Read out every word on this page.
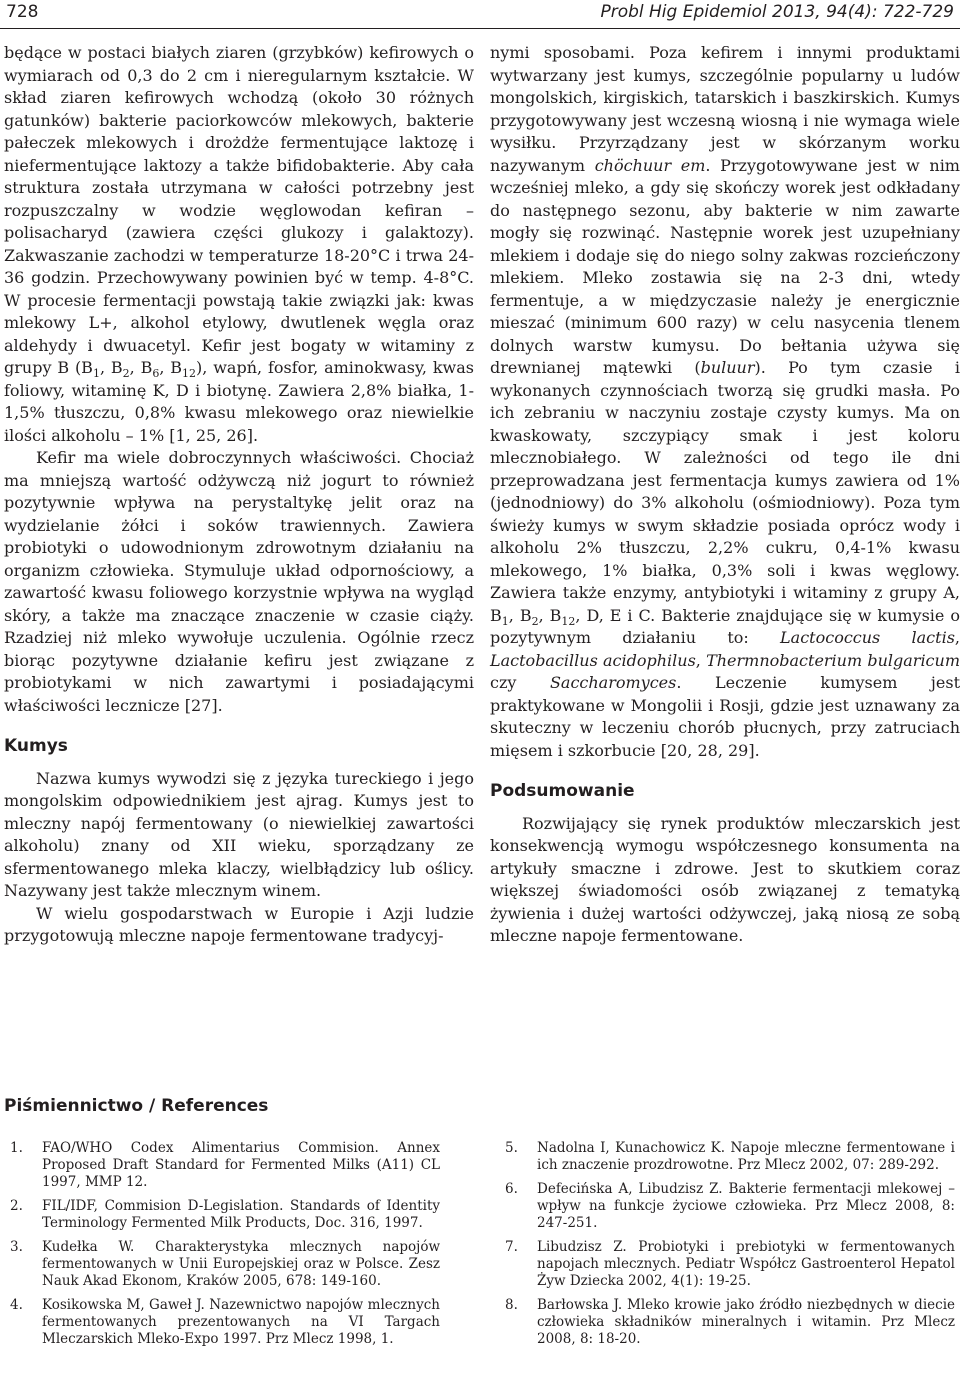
728	Probl Hig Epidemiol 2013, 94(4): 722-729

będące w postaci białych ziaren (grzybków) kefirowych o wymiarach od 0,3 do 2 cm i nieregularnym kształcie. W skład ziaren kefirowych wchodzą (około 30 różnych gatunków) bakterie paciorkowców mlekowych, bakterie pałeczek mlekowych i drożdże fermentujące laktozę i niefermentujące laktozy a także bifidobakterie. Aby cała struktura została utrzymana w całości potrzebny jest rozpuszczalny w wodzie węglowodan kefiran – polisacharyd (zawiera części glukozy i galaktozy). Zakwaszanie zachodzi w temperaturze 18-20°C i trwa 24-36 godzin. Przechowywany powinien być w temp. 4-8°C. W procesie fermentacji powstają takie związki jak: kwas mlekowy L+, alkohol etylowy, dwutlenek węgla oraz aldehydy i dwuacetyl. Kefir jest bogaty w witaminy z grupy B ($B_1$, $B_2$, $B_6$, $B_{12}$), wapń, fosfor, aminokwasy, kwas foliowy, witaminę K, D i biotynę. Zawiera 2,8% białka, 1-1,5% tłuszczu, 0,8% kwasu mlekowego oraz niewielkie ilości alkoholu – 1% [1, 25, 26].

Kefir ma wiele dobroczynnych właściwości. Chociaż ma mniejszą wartość odżywczą niż jogurt to również pozytywnie wpływa na perystaltykę jelit oraz na wydzielanie żółci i soków trawiennych. Zawiera probiotyki o udowodnionym zdrowotnym działaniu na organizm człowieka. Stymuluje układ odpornościowy, a zawartość kwasu foliowego korzystnie wpływa na wygląd skóry, a także ma znaczące znaczenie w czasie ciąży. Rzadziej niż mleko wywołuje uczulenia. Ogólnie rzecz biorąc pozytywne działanie kefiru jest związane z probiotykami w nich zawartymi i posiadającymi właściwości lecznicze [27].

Kumys

Nazwa kumys wywodzi się z języka tureckiego i jego mongolskim odpowiednikiem jest ajrag. Kumys jest to mleczny napój fermentowany (o niewielkiej zawartości alkoholu) znany od XII wieku, sporządzany ze sfermentowanego mleka klaczy, wielbłądzicy lub oślicy. Nazywany jest także mlecznym winem.

W wielu gospodarstwach w Europie i Azji ludzie przygotowują mleczne napoje fermentowane tradycyj-

nymi sposobami. Poza kefirem i innymi produktami wytwarzany jest kumys, szczególnie popularny u ludów mongolskich, kirgiskich, tatarskich i baszkirskich. Kumys przygotowywany jest wczesną wiosną i nie wymaga wiele wysiłku. Przyrządzany jest w skórzanym worku nazywanym chöchuur em. Przygotowywane jest w nim wcześniej mleko, a gdy się skończy worek jest odkładany do następnego sezonu, aby bakterie w nim zawarte mogły się rozwinąć. Następnie worek jest uzupełniany mlekiem i dodaje się do niego solny zakwas rozcieńczony mlekiem. Mleko zostawia się na 2-3 dni, wtedy fermentuje, a w międzyczasie należy je energicznie mieszać (minimum 600 razy) w celu nasycenia tlenem dolnych warstw kumysu. Do bełtania używa się drewnianej mątewki (buluur). Po tym czasie i wykonanych czynnościach tworzą się grudki masła. Po ich zebraniu w naczyniu zostaje czysty kumys. Ma on kwaskowaty, szczypiący smak i jest koloru mlecznobiałego. W zależności od tego ile dni przeprowadzana jest fermentacja kumys zawiera od 1% (jednodniowy) do 3% alkoholu (ośmiodniowy). Poza tym świeży kumys w swym składzie posiada oprócz wody i alkoholu 2% tłuszczu, 2,2% cukru, 0,4-1% kwasu mlekowego, 1% białka, 0,3% soli i kwas węglowy. Zawiera także enzymy, antybiotyki i witaminy z grupy A, $B_1$, $B_2$, $B_{12}$, D, E i C. Bakterie znajdujące się w kumysie o pozytywnym działaniu to: Lactococcus lactis, Lactobacillus acidophilus, Thermnobacterium bulgaricum czy Saccharomyces. Leczenie kumysem jest praktykowane w Mongolii i Rosji, gdzie jest uznawany za skuteczny w leczeniu chorób płucnych, przy zatruciach mięsem i szkorbucie [20, 28, 29].

Podsumowanie

Rozwijający się rynek produktów mleczarskich jest konsekwencją wymogu współczesnego konsumenta na artykuły smaczne i zdrowe. Jest to skutkiem coraz większej świadomości osób związanej z tematyką żywienia i dużej wartości odżywczej, jaką niosą ze sobą mleczne napoje fermentowane.

Piśmiennictwo / References
1. FAO/WHO Codex Alimentarius Commision. Annex Proposed Draft Standard for Fermented Milks (A11) CL 1997, MMP 12.
2. FIL/IDF, Commision D-Legislation. Standards of Identity Terminology Fermented Milk Products, Doc. 316, 1997.
3. Kudełka W. Charakterystyka mlecznych napojów fermentowanych w Unii Europejskiej oraz w Polsce. Zesz Nauk Akad Ekonom, Kraków 2005, 678: 149-160.
4. Kosikowska M, Gaweł J. Nazewnictwo napojów mlecznych fermentowanych prezentowanych na VI Targach Mleczarskich Mleko-Expo 1997. Prz Mlecz 1998, 1.
5. Nadolna I, Kunachowicz K. Napoje mleczne fermentowane i ich znaczenie prozdrowotne. Prz Mlecz 2002, 07: 289-292.
6. Defecińska A, Libudzisz Z. Bakterie fermentacji mlekowej – wpływ na funkcje życiowe człowieka. Prz Mlecz 2008, 8: 247-251.
7. Libudzisz Z. Probiotyki i prebiotyki w fermentowanych napojach mlecznych. Pediatr Współcz Gastroenterol Hepatol Żyw Dziecka 2002, 4(1): 19-25.
8. Barłowska J. Mleko krowie jako źródło niezbędnych w diecie człowieka składników mineralnych i witamin. Prz Mlecz 2008, 8: 18-20.
